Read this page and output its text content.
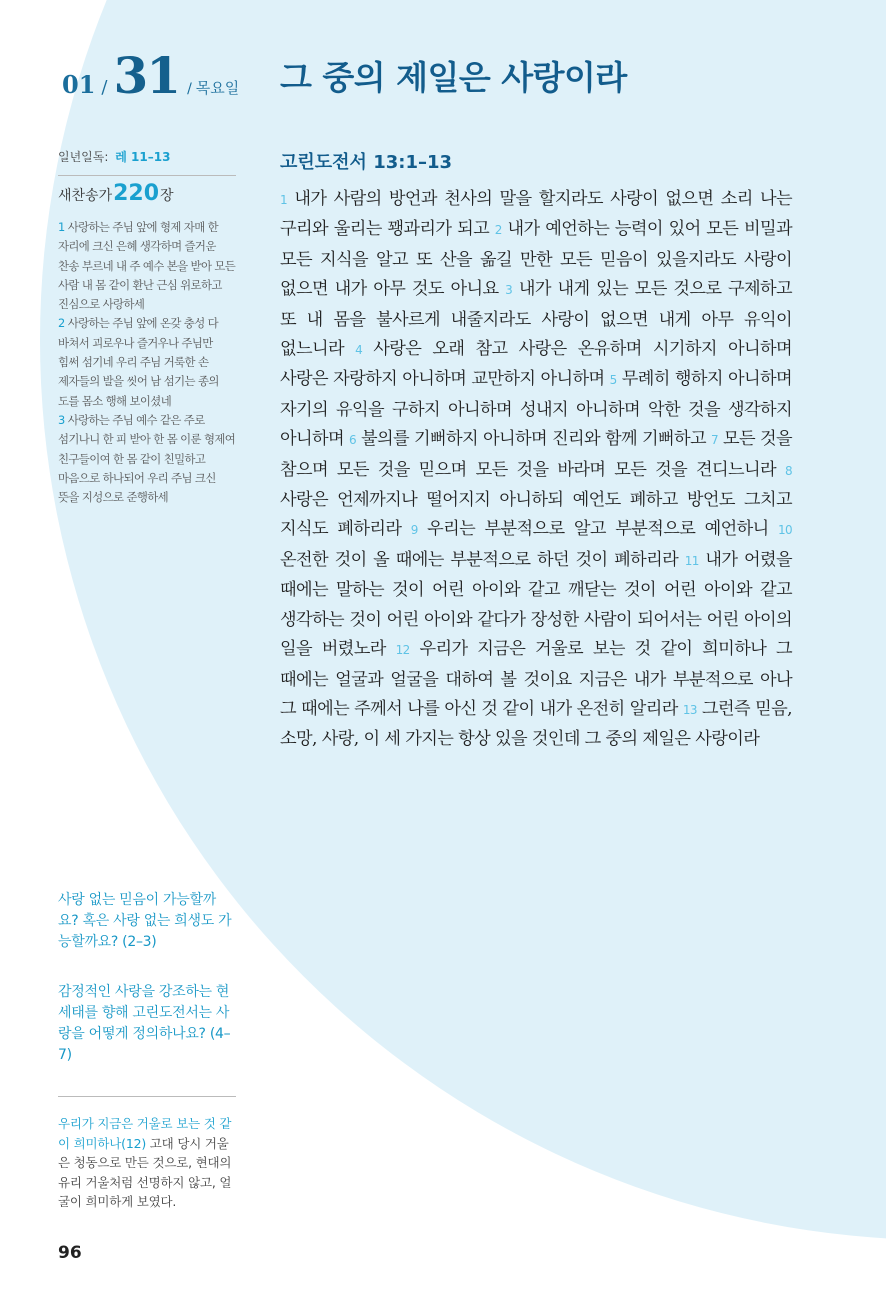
01 / 31 / 목요일 그 중의 제일은 사랑이라
일년일독: 레 11–13
새찬송가220장
1 사랑하는 주님 앞에 형제 자매 한 자리에 크신 은혜 생각하며 즐거운 찬송 부르네 내 주 예수 본을 받아 모든 사람 내 몸 같이 환난 근심 위로하고 진심으로 사랑하세
2 사랑하는 주님 앞에 온갖 충성 다 바쳐서 괴로우나 즐거우나 주님만 힘써 섬기네 우리 주님 거룩한 손 제자들의 발을 씻어 남 섬기는 종의 도를 몸소 행해 보이셨네
3 사랑하는 주님 예수 같은 주로 섬기나니 한 피 받아 한 몸 이룬 형제여 친구들이여 한 몸 같이 친밀하고 마음으로 하나되어 우리 주님 크신 뜻을 지성으로 준행하세
사랑 없는 믿음이 가능할까요? 혹은 사랑 없는 희생도 가능할까요? (2–3)
감정적인 사랑을 강조하는 현 세태를 향해 고린도전서는 사랑을 어떻게 정의하나요? (4–7)
우리가 지금은 거울로 보는 것 같이 희미하나(12) 고대 당시 거울은 청동으로 만든 것으로, 현대의 유리 거울처럼 선명하지 않고, 얼굴이 희미하게 보였다.
96
고린도전서 13:1–13
1 내가 사람의 방언과 천사의 말을 할지라도 사랑이 없으면 소리 나는 구리와 울리는 꽹과리가 되고 2 내가 예언하는 능력이 있어 모든 비밀과 모든 지식을 알고 또 산을 옮길 만한 모든 믿음이 있을지라도 사랑이 없으면 내가 아무 것도 아니요 3 내가 내게 있는 모든 것으로 구제하고 또 내 몸을 불사르게 내줄지라도 사랑이 없으면 내게 아무 유익이 없느니라 4 사랑은 오래 참고 사랑은 온유하며 시기하지 아니하며 사랑은 자랑하지 아니하며 교만하지 아니하며 5 무례히 행하지 아니하며 자기의 유익을 구하지 아니하며 성내지 아니하며 악한 것을 생각하지 아니하며 6 불의를 기뻐하지 아니하며 진리와 함께 기뻐하고 7 모든 것을 참으며 모든 것을 믿으며 모든 것을 바라며 모든 것을 견디느니라 8 사랑은 언제까지나 떨어지지 아니하되 예언도 폐하고 방언도 그치고 지식도 폐하리라 9 우리는 부분적으로 알고 부분적으로 예언하니 10 온전한 것이 올 때에는 부분적으로 하던 것이 폐하리라 11 내가 어렸을 때에는 말하는 것이 어린 아이와 같고 깨닫는 것이 어린 아이와 같고 생각하는 것이 어린 아이와 같다가 장성한 사람이 되어서는 어린 아이의 일을 버렸노라 12 우리가 지금은 거울로 보는 것 같이 희미하나 그 때에는 얼굴과 얼굴을 대하여 볼 것이요 지금은 내가 부분적으로 아나 그 때에는 주께서 나를 아신 것 같이 내가 온전히 알리라 13 그런즉 믿음, 소망, 사랑, 이 세 가지는 항상 있을 것인데 그 중의 제일은 사랑이라
